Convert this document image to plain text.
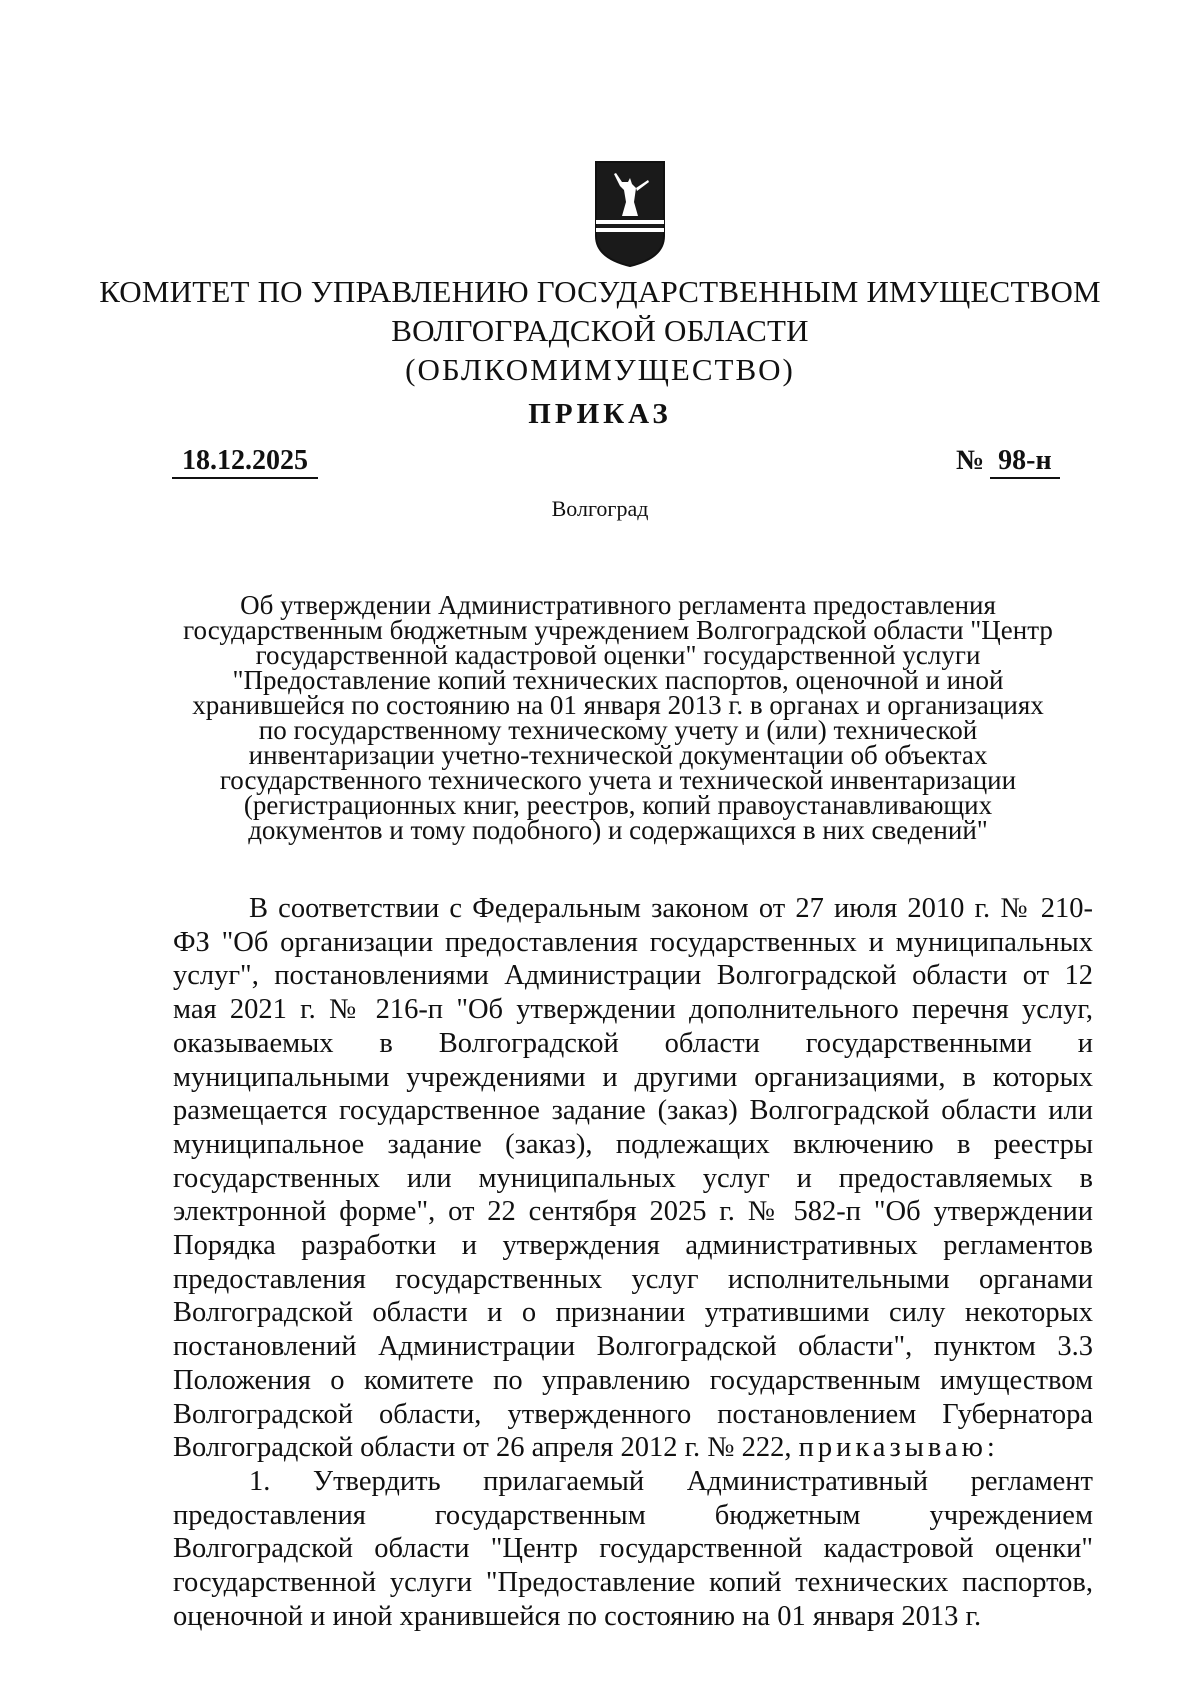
КОМИТЕТ ПО УПРАВЛЕНИЮ ГОСУДАРСТВЕННЫМ ИМУЩЕСТВОМ
ВОЛГОГРАДСКОЙ ОБЛАСТИ
(ОБЛКОМИМУЩЕСТВО)
ПРИКАЗ
18.12.2025	№ 98-н
Волгоград
Об утверждении Административного регламента предоставления государственным бюджетным учреждением Волгоградской области "Центр государственной кадастровой оценки" государственной услуги "Предоставление копий технических паспортов, оценочной и иной хранившейся по состоянию на 01 января 2013 г. в органах и организациях по государственному техническому учету и (или) технической инвентаризации учетно-технической документации об объектах государственного технического учета и технической инвентаризации (регистрационных книг, реестров, копий правоустанавливающих документов и тому подобного) и содержащихся в них сведений"

В соответствии с Федеральным законом от 27 июля 2010 г. № 210-ФЗ "Об организации предоставления государственных и муниципальных услуг", постановлениями Администрации Волгоградской области от 12 мая 2021 г. № 216-п "Об утверждении дополнительного перечня услуг, оказываемых в Волгоградской области государственными и муниципальными учреждениями и другими организациями, в которых размещается государственное задание (заказ) Волгоградской области или муниципальное задание (заказ), подлежащих включению в реестры государственных или муниципальных услуг и предоставляемых в электронной форме", от 22 сентября 2025 г. № 582-п "Об утверждении Порядка разработки и утверждения административных регламентов предоставления государственных услуг исполнительными органами Волгоградской области и о признании утратившими силу некоторых постановлений Администрации Волгоградской области", пунктом 3.3 Положения о комитете по управлению государственным имуществом Волгоградской области, утвержденного постановлением Губернатора Волгоградской области от 26 апреля 2012 г. № 222, приказываю:

1. Утвердить прилагаемый Административный регламент предоставления государственным бюджетным учреждением Волгоградской области "Центр государственной кадастровой оценки" государственной услуги "Предоставление копий технических паспортов, оценочной и иной хранившейся по состоянию на 01 января 2013 г.
